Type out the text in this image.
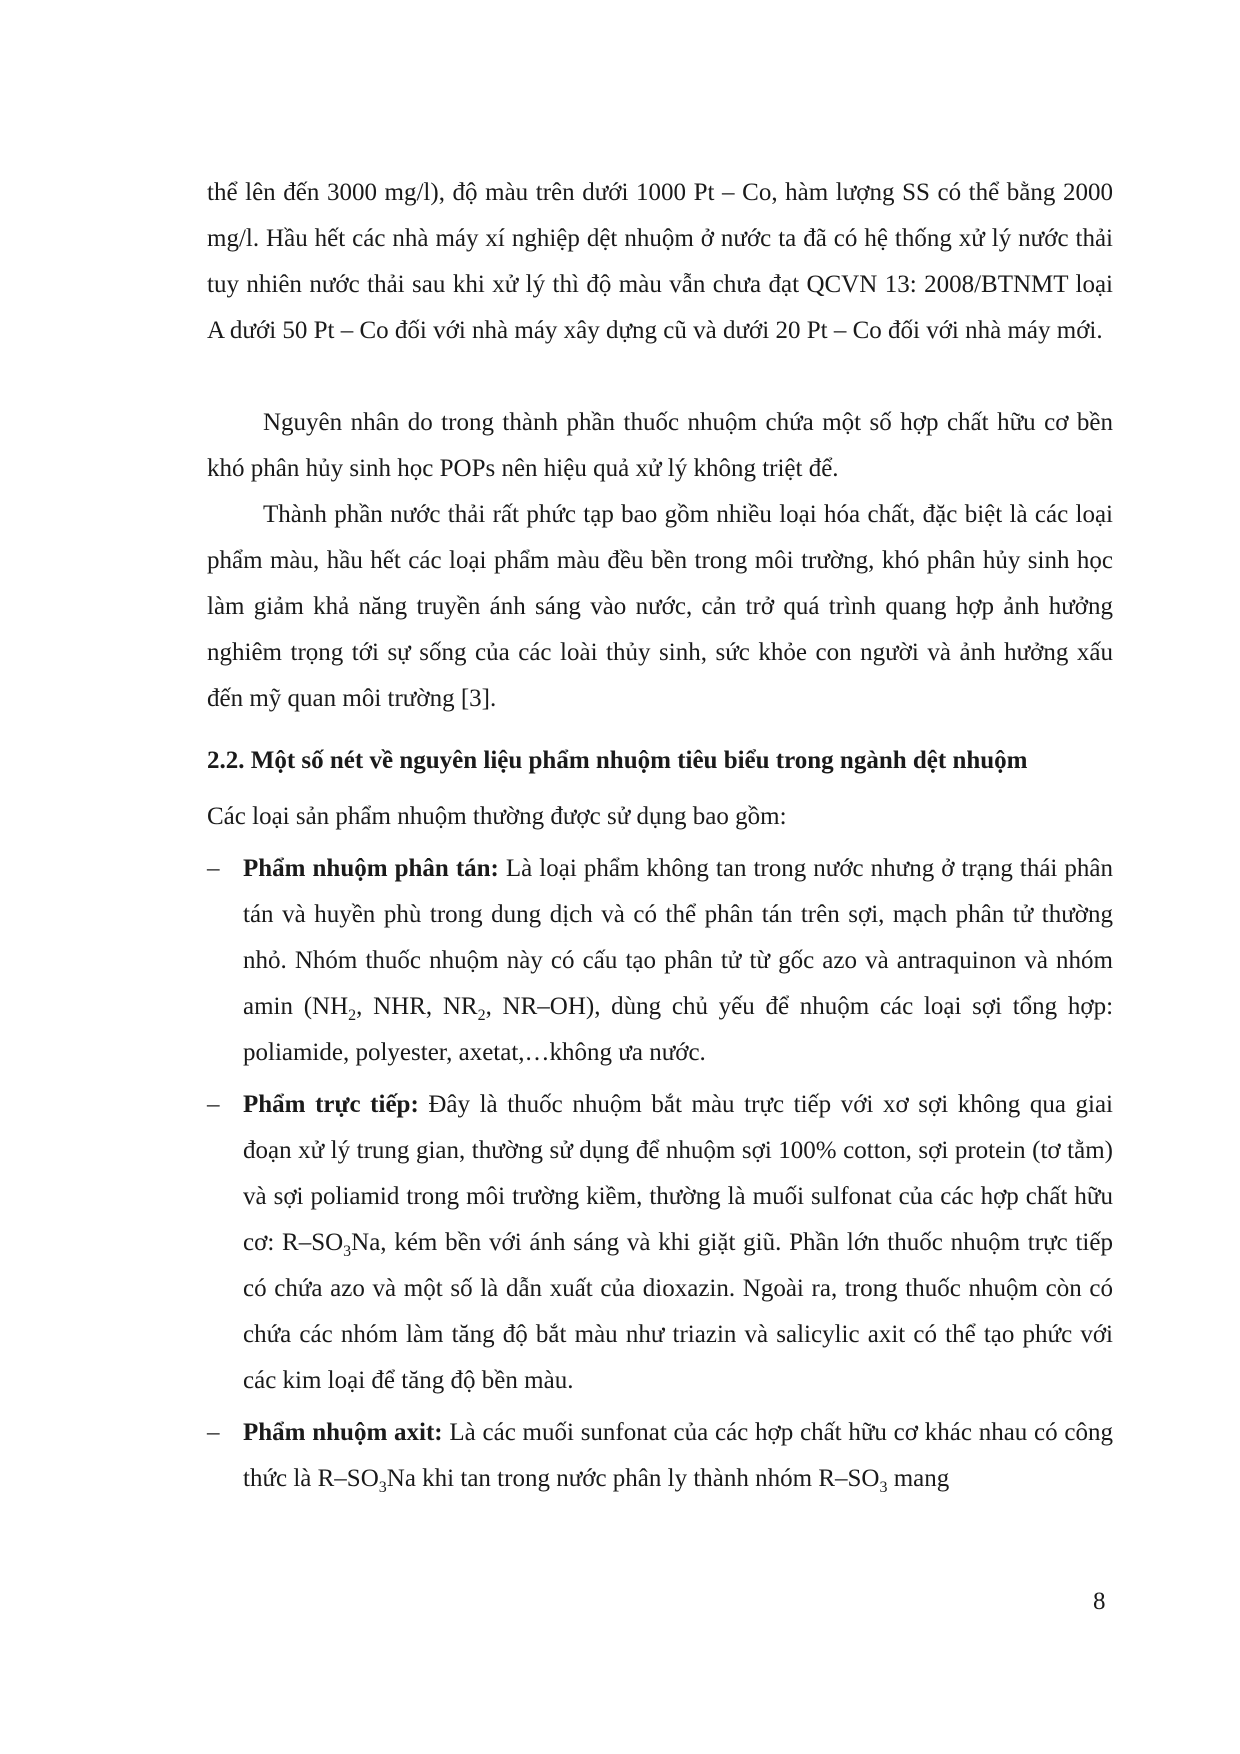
thể lên đến 3000 mg/l), độ màu trên dưới 1000 Pt – Co, hàm lượng SS có thể bằng 2000 mg/l. Hầu hết các nhà máy xí nghiệp dệt nhuộm ở nước ta đã có hệ thống xử lý nước thải tuy nhiên nước thải sau khi xử lý thì độ màu vẫn chưa đạt QCVN 13: 2008/BTNMT loại A dưới 50 Pt – Co đối với nhà máy xây dựng cũ và dưới 20 Pt – Co đối với nhà máy mới.

Nguyên nhân do trong thành phần thuốc nhuộm chứa một số hợp chất hữu cơ bền khó phân hủy sinh học POPs nên hiệu quả xử lý không triệt để.

Thành phần nước thải rất phức tạp bao gồm nhiều loại hóa chất, đặc biệt là các loại phẩm màu, hầu hết các loại phẩm màu đều bền trong môi trường, khó phân hủy sinh học làm giảm khả năng truyền ánh sáng vào nước, cản trở quá trình quang hợp ảnh hưởng nghiêm trọng tới sự sống của các loài thủy sinh, sức khỏe con người và ảnh hưởng xấu đến mỹ quan môi trường [3].

2.2. Một số nét về nguyên liệu phẩm nhuộm tiêu biểu trong ngành dệt nhuộm

Các loại sản phẩm nhuộm thường được sử dụng bao gồm:

– Phẩm nhuộm phân tán: Là loại phẩm không tan trong nước nhưng ở trạng thái phân tán và huyền phù trong dung dịch và có thể phân tán trên sợi, mạch phân tử thường nhỏ. Nhóm thuốc nhuộm này có cấu tạo phân tử từ gốc azo và antraquinon và nhóm amin ($NH_2$, NHR, $NR_2$, NR–OH), dùng chủ yếu để nhuộm các loại sợi tổng hợp: poliamide, polyester, axetat,…không ưa nước.

– Phẩm trực tiếp: Đây là thuốc nhuộm bắt màu trực tiếp với xơ sợi không qua giai đoạn xử lý trung gian, thường sử dụng để nhuộm sợi 100% cotton, sợi protein (tơ tằm) và sợi poliamid trong môi trường kiềm, thường là muối sulfonat của các hợp chất hữu cơ: $R-SO_3Na$, kém bền với ánh sáng và khi giặt giũ. Phần lớn thuốc nhuộm trực tiếp có chứa azo và một số là dẫn xuất của dioxazin. Ngoài ra, trong thuốc nhuộm còn có chứa các nhóm làm tăng độ bắt màu như triazin và salicylic axit có thể tạo phức với các kim loại để tăng độ bền màu.

– Phẩm nhuộm axit: Là các muối sunfonat của các hợp chất hữu cơ khác nhau có công thức là $R-SO_3Na$ khi tan trong nước phân ly thành nhóm $R-SO_3$ mang

8
